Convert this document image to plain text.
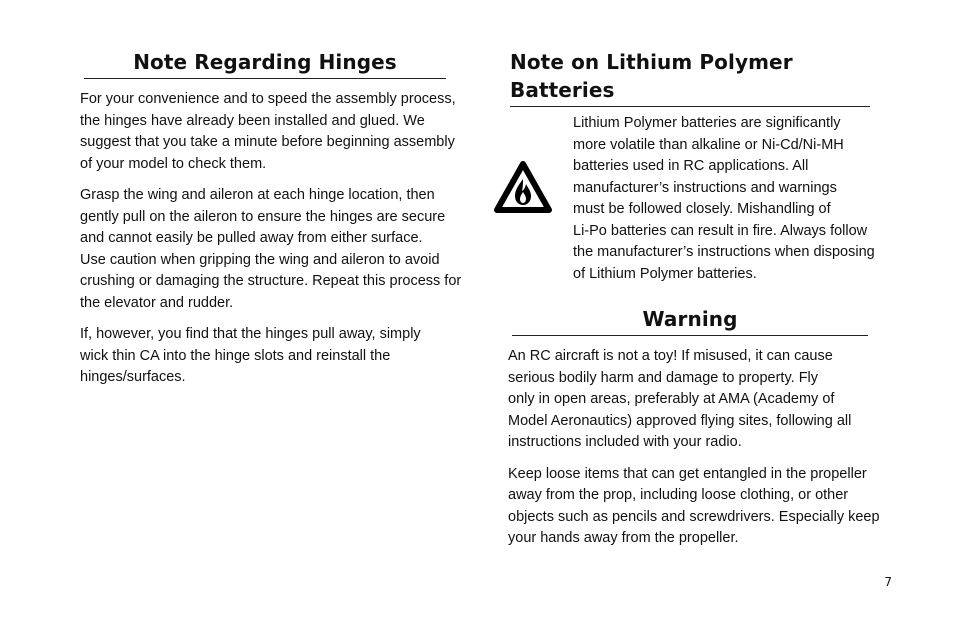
Note Regarding Hinges

For your convenience and to speed the assembly process,
the hinges have already been installed and glued. We
suggest that you take a minute before beginning assembly
of your model to check them.

Grasp the wing and aileron at each hinge location, then
gently pull on the aileron to ensure the hinges are secure
and cannot easily be pulled away from either surface.
Use caution when gripping the wing and aileron to avoid
crushing or damaging the structure. Repeat this process for
the elevator and rudder.

If, however, you find that the hinges pull away, simply
wick thin CA into the hinge slots and reinstall the
hinges/surfaces.

Note on Lithium Polymer Batteries

Lithium Polymer batteries are significantly
more volatile than alkaline or Ni-Cd/Ni-MH
batteries used in RC applications. All
manufacturer’s instructions and warnings
must be followed closely. Mishandling of
Li-Po batteries can result in fire. Always follow
the manufacturer’s instructions when disposing
of Lithium Polymer batteries.

Warning

An RC aircraft is not a toy! If misused, it can cause
serious bodily harm and damage to property. Fly
only in open areas, preferably at AMA (Academy of
Model Aeronautics) approved flying sites, following all
instructions included with your radio.

Keep loose items that can get entangled in the propeller
away from the prop, including loose clothing, or other
objects such as pencils and screwdrivers. Especially keep
your hands away from the propeller.

7
